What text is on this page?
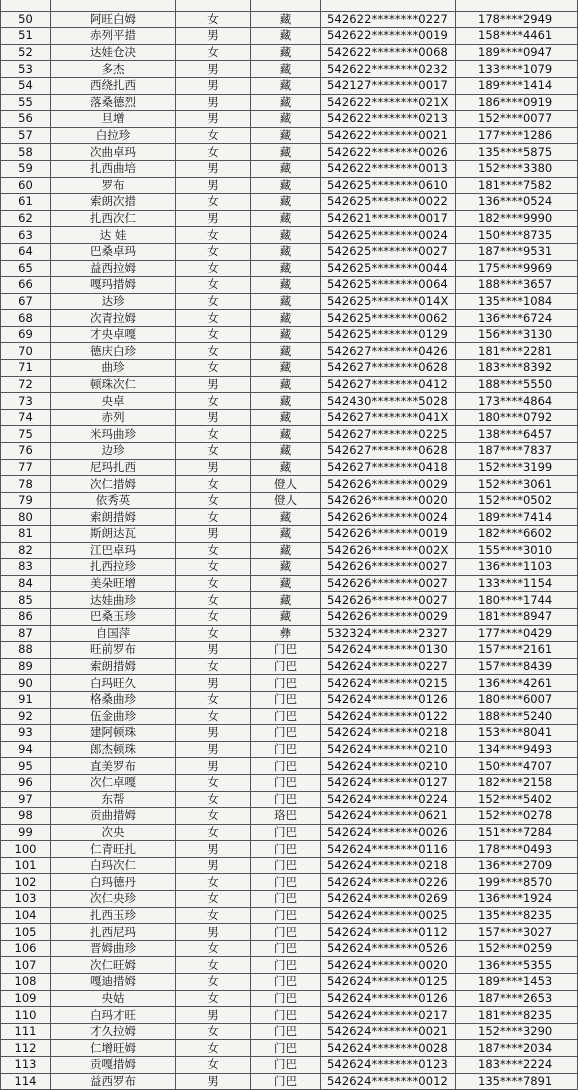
50	阿旺白姆	女	藏	542622********0227	178****2949
51	赤列平措	男	藏	542622********0019	158****4461
52	达娃仓决	女	藏	542622********0068	189****0947
53	多杰	男	藏	542622********0232	133****1079
54	西绕扎西	男	藏	542127********0017	189****1414
55	落桑德烈	男	藏	542622********021X	186****0919
56	旦增	男	藏	542622********0213	152****0077
57	白拉珍	女	藏	542622********0021	177****1286
58	次曲卓玛	女	藏	542622********0026	135****5875
59	扎西曲培	男	藏	542622********0013	152****3380
60	罗布	男	藏	542625********0610	181****7582
61	索朗次措	女	藏	542625********0022	136****0524
62	扎西次仁	男	藏	542621********0017	182****9990
63	达 娃	女	藏	542625********0024	150****8735
64	巴桑卓玛	女	藏	542625********0027	187****9531
65	益西拉姆	女	藏	542625********0044	175****9969
66	嘎玛措姆	女	藏	542625********0064	188****3657
67	达珍	女	藏	542625********014X	135****1084
68	次青拉姆	女	藏	542625********0062	136****6724
69	才央卓嘎	女	藏	542625********0129	156****3130
70	德庆白珍	女	藏	542627********0426	181****2281
71	曲珍	女	藏	542627********0628	183****8392
72	顿珠次仁	男	藏	542627********0412	188****5550
73	央卓	女	藏	542430********5028	173****4864
74	赤列	男	藏	542627********041X	180****0792
75	米玛曲珍	女	藏	542627********0225	138****6457
76	边珍	女	藏	542627********0628	187****7837
77	尼玛扎西	男	藏	542627********0418	152****3199
78	次仁措姆	女	僜人	542626********0029	152****3061
79	依秀英	女	僜人	542626********0020	152****0502
80	索朗措姆	女	藏	542626********0024	189****7414
81	斯朗达瓦	男	藏	542626********0019	182****6602
82	江巴卓玛	女	藏	542626********002X	155****3010
83	扎西拉珍	女	藏	542626********0027	136****1103
84	美朵旺增	女	藏	542626********0027	133****1154
85	达娃曲珍	女	藏	542626********0027	180****1744
86	巴桑玉珍	女	藏	542626********0029	181****8947
87	自国萍	女	彝	532324********2327	177****0429
88	旺前罗布	男	门巴	542624********0130	157****2161
89	索朗措姆	女	门巴	542624********0227	157****8439
90	白玛旺久	男	门巴	542624********0215	136****4261
91	格桑曲珍	女	门巴	542624********0126	180****6007
92	伍金曲珍	女	门巴	542624********0122	188****5240
93	建阿顿珠	男	门巴	542624********0218	153****8041
94	郎杰顿珠	男	门巴	542624********0210	134****9493
95	直美罗布	男	门巴	542624********0210	150****4707
96	次仁卓嘎	女	门巴	542624********0127	182****2158
97	东帮	女	门巴	542624********0224	152****5402
98	贡曲措姆	女	珞巴	542624********0621	152****0278
99	次央	女	门巴	542624********0026	151****7284
100	仁青旺扎	男	门巴	542624********0116	178****0493
101	白玛次仁	男	门巴	542624********0218	136****2709
102	白玛德丹	女	门巴	542624********0226	199****8570
103	次仁央珍	女	门巴	542624********0269	136****1924
104	扎西玉珍	女	门巴	542624********0025	135****8235
105	扎西尼玛	男	门巴	542624********0112	157****3027
106	晋姆曲珍	女	门巴	542624********0526	152****0259
107	次仁旺姆	女	门巴	542624********0020	136****5355
108	嘎迪措姆	女	门巴	542624********0125	189****1453
109	央姑	女	门巴	542624********0126	187****2653
110	白玛才旺	男	门巴	542624********0217	181****8235
111	才久拉姆	女	门巴	542624********0021	152****3290
112	仁增旺姆	女	门巴	542624********0028	187****2034
113	贡嘎措姆	女	门巴	542624********0123	183****2224
114	益西罗布	男	门巴	542624********0012	135****7891
